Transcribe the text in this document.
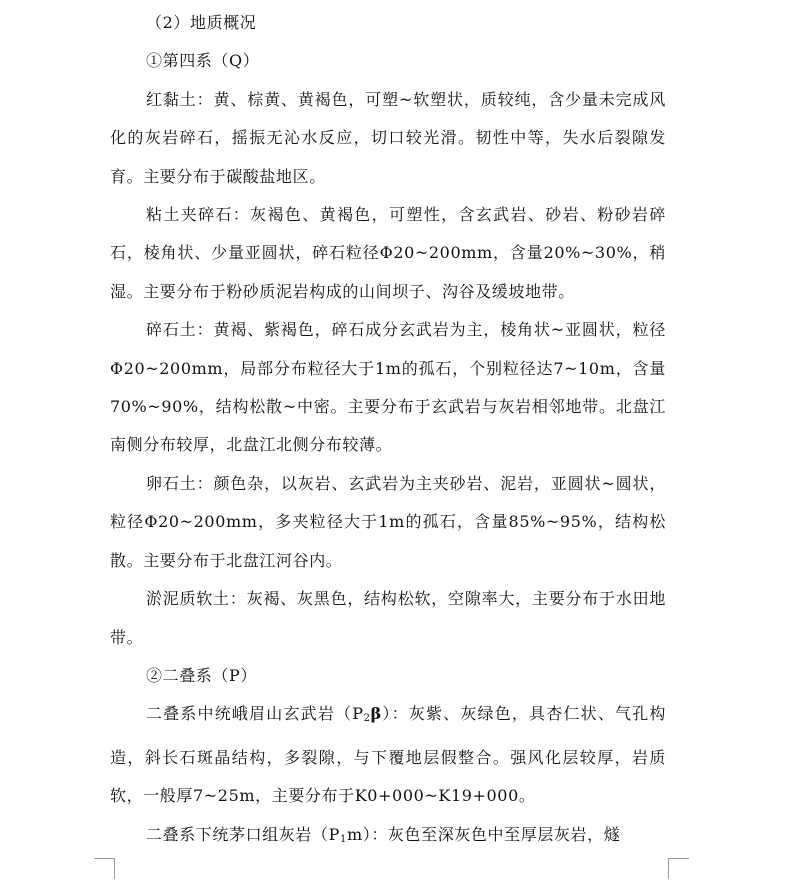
（2）地质概况

①第四系（Q）

红黏土：黄、棕黄、黄褐色，可塑~软塑状，质较纯，含少量未完成风化的灰岩碎石，摇振无沁水反应，切口较光滑。韧性中等，失水后裂隙发育。主要分布于碳酸盐地区。

粘土夹碎石：灰褐色、黄褐色，可塑性，含玄武岩、砂岩、粉砂岩碎石，棱角状、少量亚圆状，碎石粒径Φ20~200mm，含量20%~30%，稍湿。主要分布于粉砂质泥岩构成的山间坝子、沟谷及缓坡地带。

碎石土：黄褐、紫褐色，碎石成分玄武岩为主，棱角状~亚圆状，粒径Φ20~200mm，局部分布粒径大于1m的孤石，个别粒径达7~10m，含量70%~90%，结构松散~中密。主要分布于玄武岩与灰岩相邻地带。北盘江南侧分布较厚，北盘江北侧分布较薄。

卵石土：颜色杂，以灰岩、玄武岩为主夹砂岩、泥岩，亚圆状~圆状，粒径Φ20~200mm，多夹粒径大于1m的孤石，含量85%~95%，结构松散。主要分布于北盘江河谷内。

淤泥质软土：灰褐、灰黑色，结构松软，空隙率大，主要分布于水田地带。

②二叠系（P）

二叠系中统峨眉山玄武岩$(P_2\beta)$：灰紫、灰绿色，具杏仁状、气孔构造，斜长石斑晶结构，多裂隙，与下覆地层假整合。强风化层较厚，岩质软，一般厚7~25m，主要分布于K0+000~K19+000。

二叠系下统茅口组灰岩$(P_1m)$：灰色至深灰色中至厚层灰岩，燧
